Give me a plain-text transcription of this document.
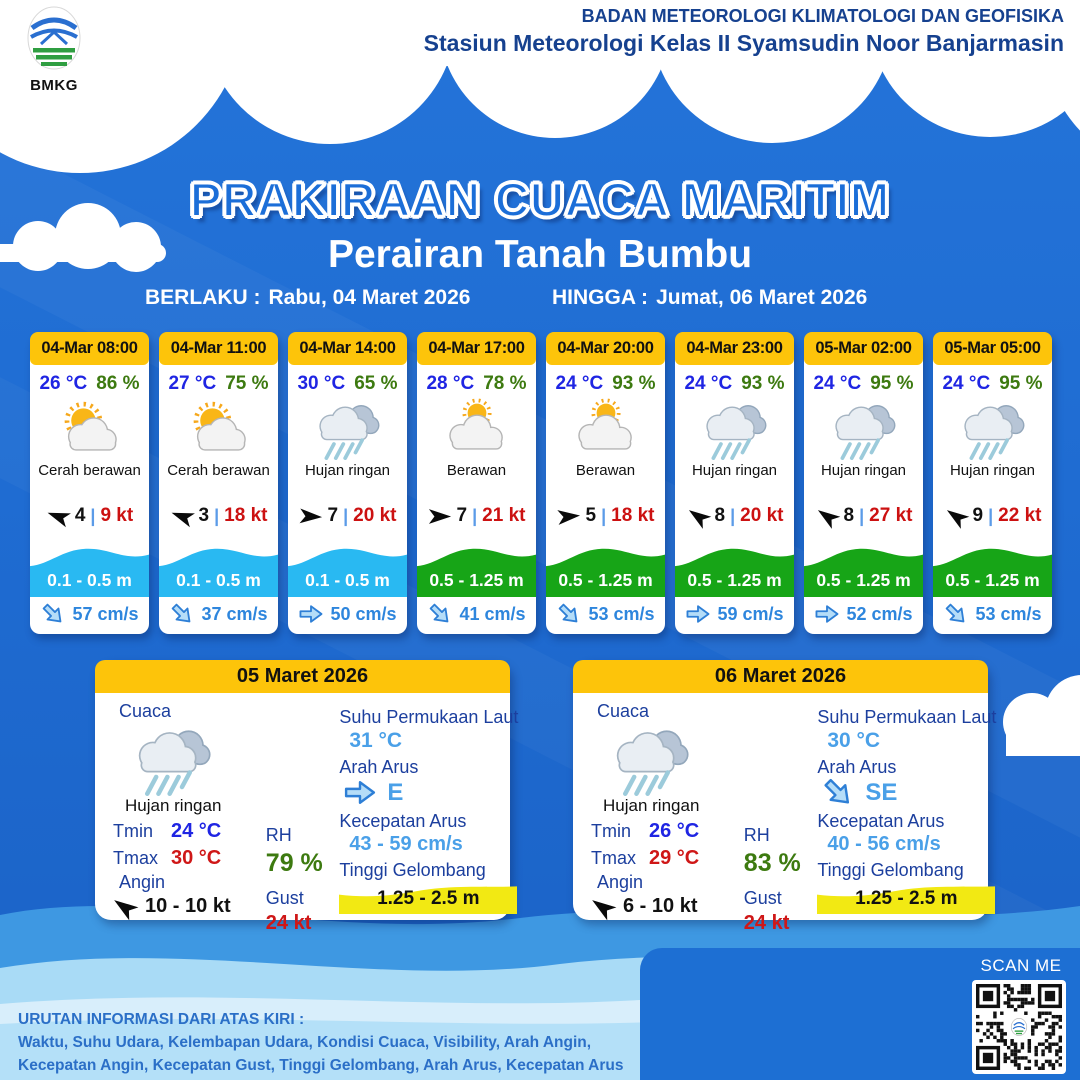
BMKG
BADAN METEOROLOGI KLIMATOLOGI DAN GEOFISIKA
Stasiun Meteorologi Kelas II Syamsudin Noor Banjarmasin
PRAKIRAAN CUACA MARITIM
Perairan Tanah Bumbu
BERLAKU : Rabu, 04 Maret 2026	HINGGA : Jumat, 06 Maret 2026
04-Mar 08:00
26 °C 86 %
Cerah berawan
4 | 9 kt
0.1 - 0.5 m
57 cm/s
04-Mar 11:00
27 °C 75 %
Cerah berawan
3 | 18 kt
0.1 - 0.5 m
37 cm/s
04-Mar 14:00
30 °C 65 %
Hujan ringan
7 | 20 kt
0.1 - 0.5 m
50 cm/s
04-Mar 17:00
28 °C 78 %
Berawan
7 | 21 kt
0.5 - 1.25 m
41 cm/s
04-Mar 20:00
24 °C 93 %
Berawan
5 | 18 kt
0.5 - 1.25 m
53 cm/s
04-Mar 23:00
24 °C 93 %
Hujan ringan
8 | 20 kt
0.5 - 1.25 m
59 cm/s
05-Mar 02:00
24 °C 95 %
Hujan ringan
8 | 27 kt
0.5 - 1.25 m
52 cm/s
05-Mar 05:00
24 °C 95 %
Hujan ringan
9 | 22 kt
0.5 - 1.25 m
53 cm/s
05 Maret 2026
Cuaca
Hujan ringan
Tmin 24 °C
Tmax 30 °C
Angin
10 - 10 kt
RH
79 %
Gust
24 kt
Suhu Permukaan Laut
31 °C
Arah Arus
E
Kecepatan Arus
43 - 59 cm/s
Tinggi Gelombang
1.25 - 2.5 m
06 Maret 2026
Cuaca
Hujan ringan
Tmin 26 °C
Tmax 29 °C
Angin
6 - 10 kt
RH
83 %
Gust
24 kt
Suhu Permukaan Laut
30 °C
Arah Arus
SE
Kecepatan Arus
40 - 56 cm/s
Tinggi Gelombang
1.25 - 2.5 m
URUTAN INFORMASI DARI ATAS KIRI :
Waktu, Suhu Udara, Kelembapan Udara, Kondisi Cuaca, Visibility, Arah Angin,
Kecepatan Angin, Kecepatan Gust, Tinggi Gelombang, Arah Arus, Kecepatan Arus
SCAN ME
